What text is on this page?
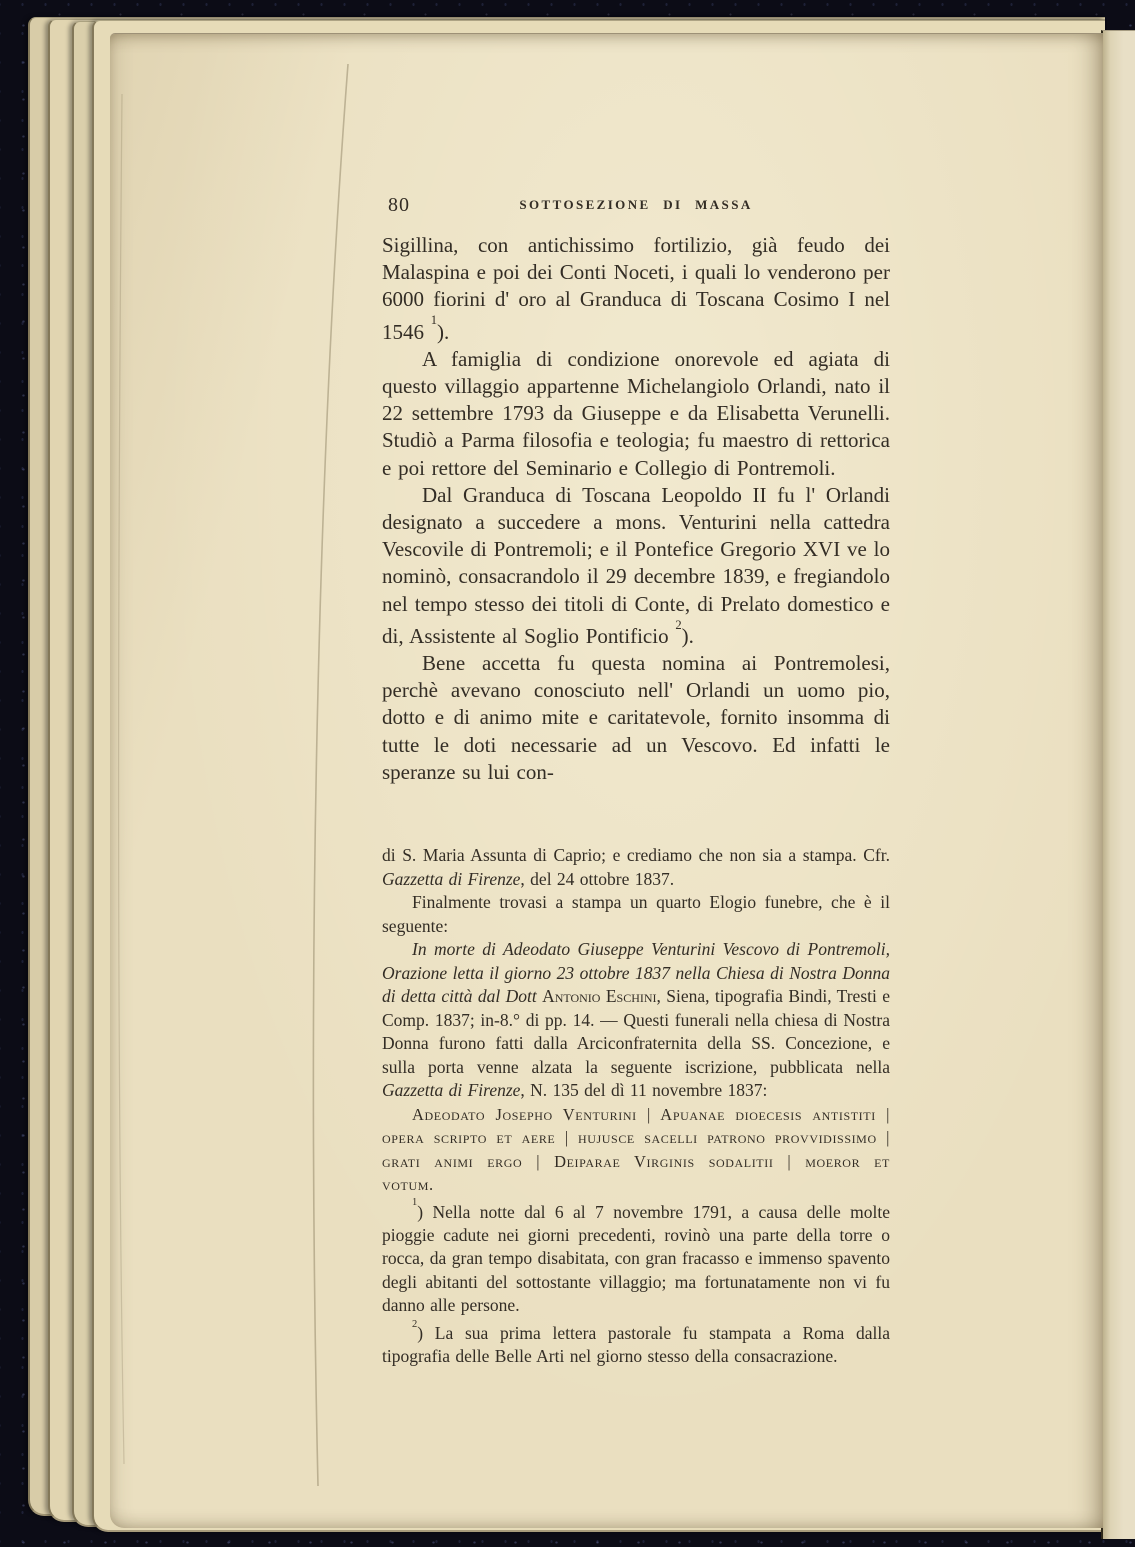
80	SOTTOSEZIONE DI MASSA

Sigillina, con antichissimo fortilizio, già feudo dei Malaspina e poi dei Conti Noceti, i quali lo venderono per 6000 fiorini d' oro al Granduca di Toscana Cosimo I nel 1546 $^1$).

A famiglia di condizione onorevole ed agiata di questo villaggio appartenne Michelangiolo Orlandi, nato il 22 settembre 1793 da Giuseppe e da Elisabetta Verunelli. Studiò a Parma filosofia e teologia; fu maestro di rettorica e poi rettore del Seminario e Collegio di Pontremoli.

Dal Granduca di Toscana Leopoldo II fu l' Orlandi designato a succedere a mons. Venturini nella cattedra Vescovile di Pontremoli; e il Pontefice Gregorio XVI ve lo nominò, consacrandolo il 29 decembre 1839, e fregiandolo nel tempo stesso dei titoli di Conte, di Prelato domestico e di, Assistente al Soglio Pontificio $^2$).

Bene accetta fu questa nomina ai Pontremolesi, perchè avevano conosciuto nell' Orlandi un uomo pio, dotto e di animo mite e caritatevole, fornito insomma di tutte le doti necessarie ad un Vescovo. Ed infatti le speranze su lui con-

di S. Maria Assunta di Caprio; e crediamo che non sia a stampa. Cfr. Gazzetta di Firenze, del 24 ottobre 1837.

Finalmente trovasi a stampa un quarto Elogio funebre, che è il seguente:

In morte di Adeodato Giuseppe Venturini Vescovo di Pontremoli, Orazione letta il giorno 23 ottobre 1837 nella Chiesa di Nostra Donna di detta città dal Dott Antonio Eschini, Siena, tipografia Bindi, Tresti e Comp. 1837; in-8.° di pp. 14. — Questi funerali nella chiesa di Nostra Donna furono fatti dalla Arciconfraternita della SS. Concezione, e sulla porta venne alzata la seguente iscrizione, pubblicata nella Gazzetta di Firenze, N. 135 del dì 11 novembre 1837:

Adeodato Josepho Venturini | Apuanae dioecesis antistiti | opera scripto et aere | hujusce sacelli patrono provvidissimo | grati animi ergo | Deiparae Virginis sodalitii | moeror et votum.

$^1$) Nella notte dal 6 al 7 novembre 1791, a causa delle molte pioggie cadute nei giorni precedenti, rovinò una parte della torre o rocca, da gran tempo disabitata, con gran fracasso e immenso spavento degli abitanti del sottostante villaggio; ma fortunatamente non vi fu danno alle persone.

$^2$) La sua prima lettera pastorale fu stampata a Roma dalla tipografia delle Belle Arti nel giorno stesso della consacrazione.
